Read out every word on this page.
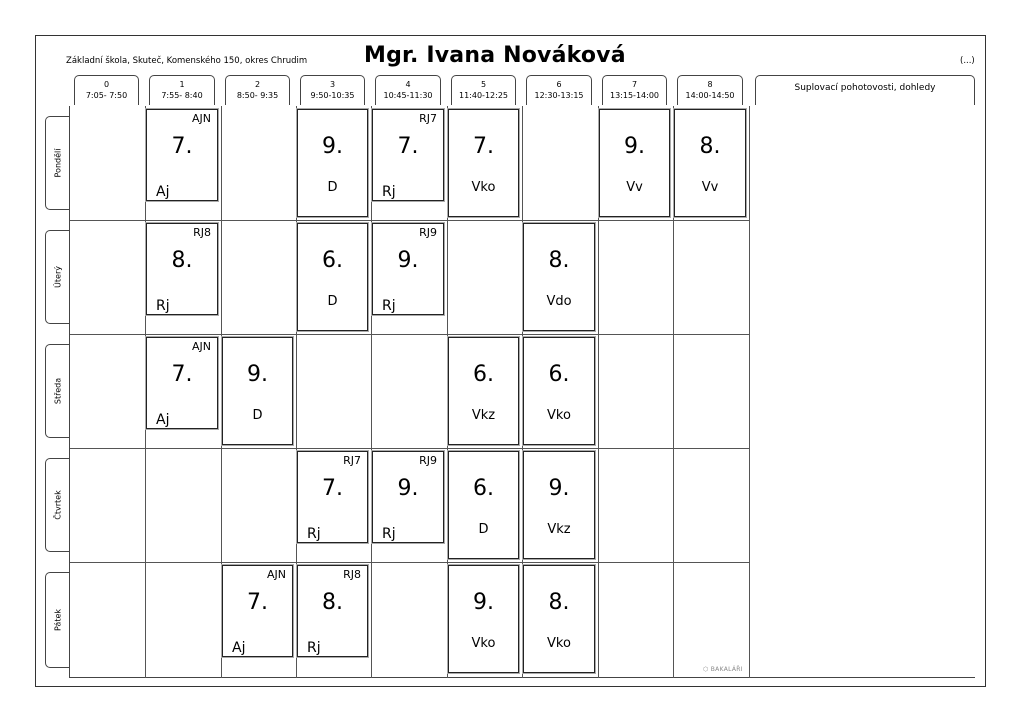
Základní škola, Skuteč, Komenského 150, okres Chrudim	Mgr. Ivana Nováková	(...)
Suplovací pohotovosti, dohledy
⬡ BAKALÁŘI
0
7:05- 7:50
1
7:55- 8:40
2
8:50- 9:35
3
9:50-10:35
4
10:45-11:30
5
11:40-12:25
6
12:30-13:15
7
13:15-14:00
8
14:00-14:50
Pondělí
Úterý
Středa
Čtvrtek
Pátek
AJN
7.
Aj
9.
D
RJ7
7.
Rj
7.
Vko
9.
Vv
8.
Vv
RJ8
8.
Rj
6.
D
RJ9
9.
Rj
8.
Vdo
AJN
7.
Aj
9.
D
6.
Vkz
6.
Vko
RJ7
7.
Rj
RJ9
9.
Rj
6.
D
9.
Vkz
AJN
7.
Aj
RJ8
8.
Rj
9.
Vko
8.
Vko
